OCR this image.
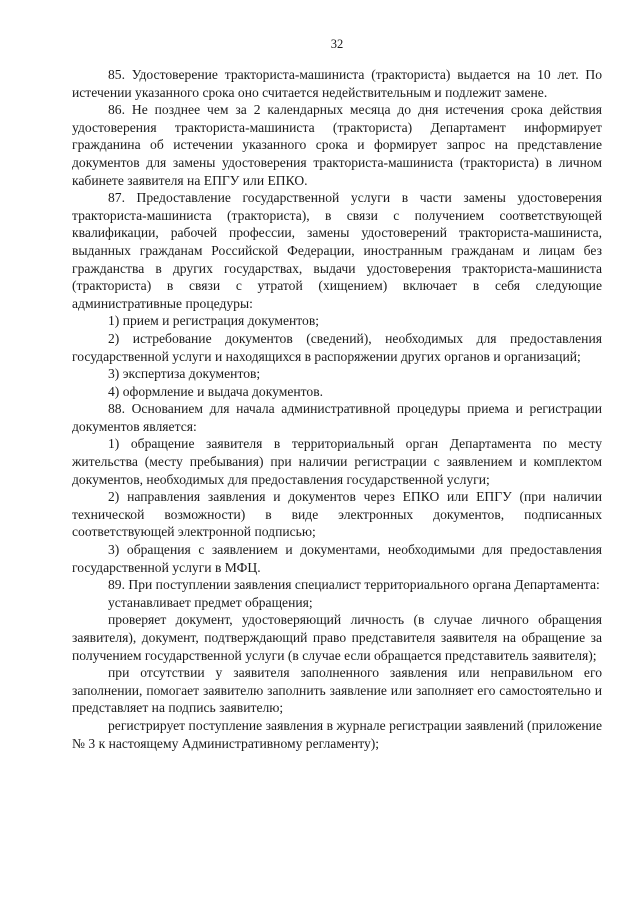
32

85. Удостоверение тракториста-машиниста (тракториста) выдается на 10 лет. По истечении указанного срока оно считается недействительным и подлежит замене.

86. Не позднее чем за 2 календарных месяца до дня истечения срока действия удостоверения тракториста-машиниста (тракториста) Департамент информирует гражданина об истечении указанного срока и формирует запрос на представление документов для замены удостоверения тракториста-машиниста (тракториста) в личном кабинете заявителя на ЕПГУ или ЕПКО.

87. Предоставление государственной услуги в части замены удостоверения тракториста-машиниста (тракториста), в связи с получением соответствующей квалификации, рабочей профессии, замены удостоверений тракториста-машиниста, выданных гражданам Российской Федерации, иностранным гражданам и лицам без гражданства в других государствах, выдачи удостоверения тракториста-машиниста (тракториста) в связи с утратой (хищением) включает в себя следующие административные процедуры:

1) прием и регистрация документов;

2) истребование документов (сведений), необходимых для предоставления государственной услуги и находящихся в распоряжении других органов и организаций;

3) экспертиза документов;

4) оформление и выдача документов.

88. Основанием для начала административной процедуры приема и регистрации документов является:

1) обращение заявителя в территориальный орган Департамента по месту жительства (месту пребывания) при наличии регистрации с заявлением и комплектом документов, необходимых для предоставления государственной услуги;

2) направления заявления и документов через ЕПКО или ЕПГУ (при наличии технической возможности) в виде электронных документов, подписанных соответствующей электронной подписью;

3) обращения с заявлением и документами, необходимыми для предоставления государственной услуги в МФЦ.

89. При поступлении заявления специалист территориального органа Департамента:

устанавливает предмет обращения;

проверяет документ, удостоверяющий личность (в случае личного обращения заявителя), документ, подтверждающий право представителя заявителя на обращение за получением государственной услуги (в случае если обращается представитель заявителя);

при отсутствии у заявителя заполненного заявления или неправильном его заполнении, помогает заявителю заполнить заявление или заполняет его самостоятельно и представляет на подпись заявителю;

регистрирует поступление заявления в журнале регистрации заявлений (приложение № 3 к настоящему Административному регламенту);
